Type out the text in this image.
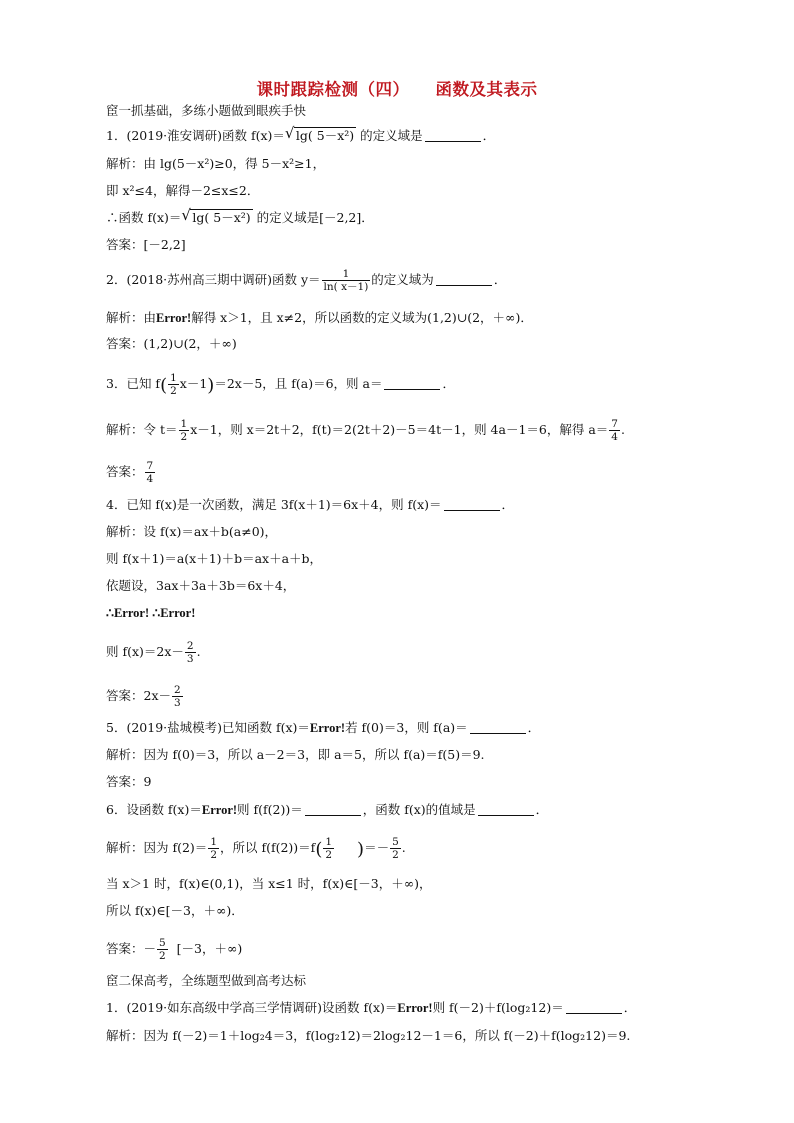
课时跟踪检测（四） 函数及其表示
䆠一抓基础，多练小题做到眼疾手快
1．(2019·淮安调研)函数 f(x)＝ √ lg( 5－x²) 的定义域是	．
解析：由 lg(5－x²)≥0，得 5－x²≥1，
即 x²≤4，解得－2≤x≤2．
∴函数 f(x)＝ √ lg( 5－x²) 的定义域是[－2,2]．
答案：[－2,2]
2．(2018·苏州高三期中调研)函数 $y= \frac{1}{\ln( x-1)}$ 的定义域为	．
解析：由Error!解得 x＞1，且 x≠2，所以函数的定义域为(1,2)∪(2，＋∞)．
答案：(1,2)∪(2，＋∞)
3．已知 $f( \frac{1}{2} x-1)=2x-5$，且 f(a)＝6，则 a＝	．
解析：令 $t= \frac{1}{2} x-1$，则 x＝2t＋2，f(t)＝2(2t＋2)－5＝4t－1，则 4a－1＝6，解得 $a= \frac{7}{4}$ .
答案： $\frac{7}{4}$
4．已知 f(x)是一次函数，满足 3f(x＋1)＝6x＋4，则 f(x)＝	．
解析：设 f(x)＝ax＋b(a≠0)，
则 f(x＋1)＝a(x＋1)＋b＝ax＋a＋b，
依题设，3ax＋3a＋3b＝6x＋4，
∴Error! ∴Error!
则 $f(x)=2x- \frac{2}{3}$ .
答案：$2x- \frac{2}{3}$
5．(2019·盐城模考)已知函数 f(x)＝Error!若 f(0)＝3，则 f(a)＝	．
解析：因为 f(0)＝3，所以 a－2＝3，即 a＝5，所以 f(a)＝f(5)＝9.
答案：9
6．设函数 f(x)＝Error!则 f(f(2))＝	，函数 f(x)的值域是	．
解析：因为 $f(2)= \frac{1}{2}$ ，所以 $f(f(2))=f( \frac{1}{2}$ )＝－ $\frac{5}{2}$ .
当 x＞1 时，f(x)∈(0,1)，当 x≤1 时，f(x)∈[－3，＋∞)，
所以 f(x)∈[－3，＋∞)．
答案：－ $\frac{5}{2} [-3$，＋∞)
䆠二保高考，全练题型做到高考达标
1．(2019·如东高级中学高三学情调研)设函数 f(x)＝Error!则 f(－2)＋f(log₂12)＝	．
解析：因为 f(－2)＝1＋log₂4＝3，f(log₂12)＝2log₂12－1＝6，所以 f(－2)＋f(log₂12)＝9.
